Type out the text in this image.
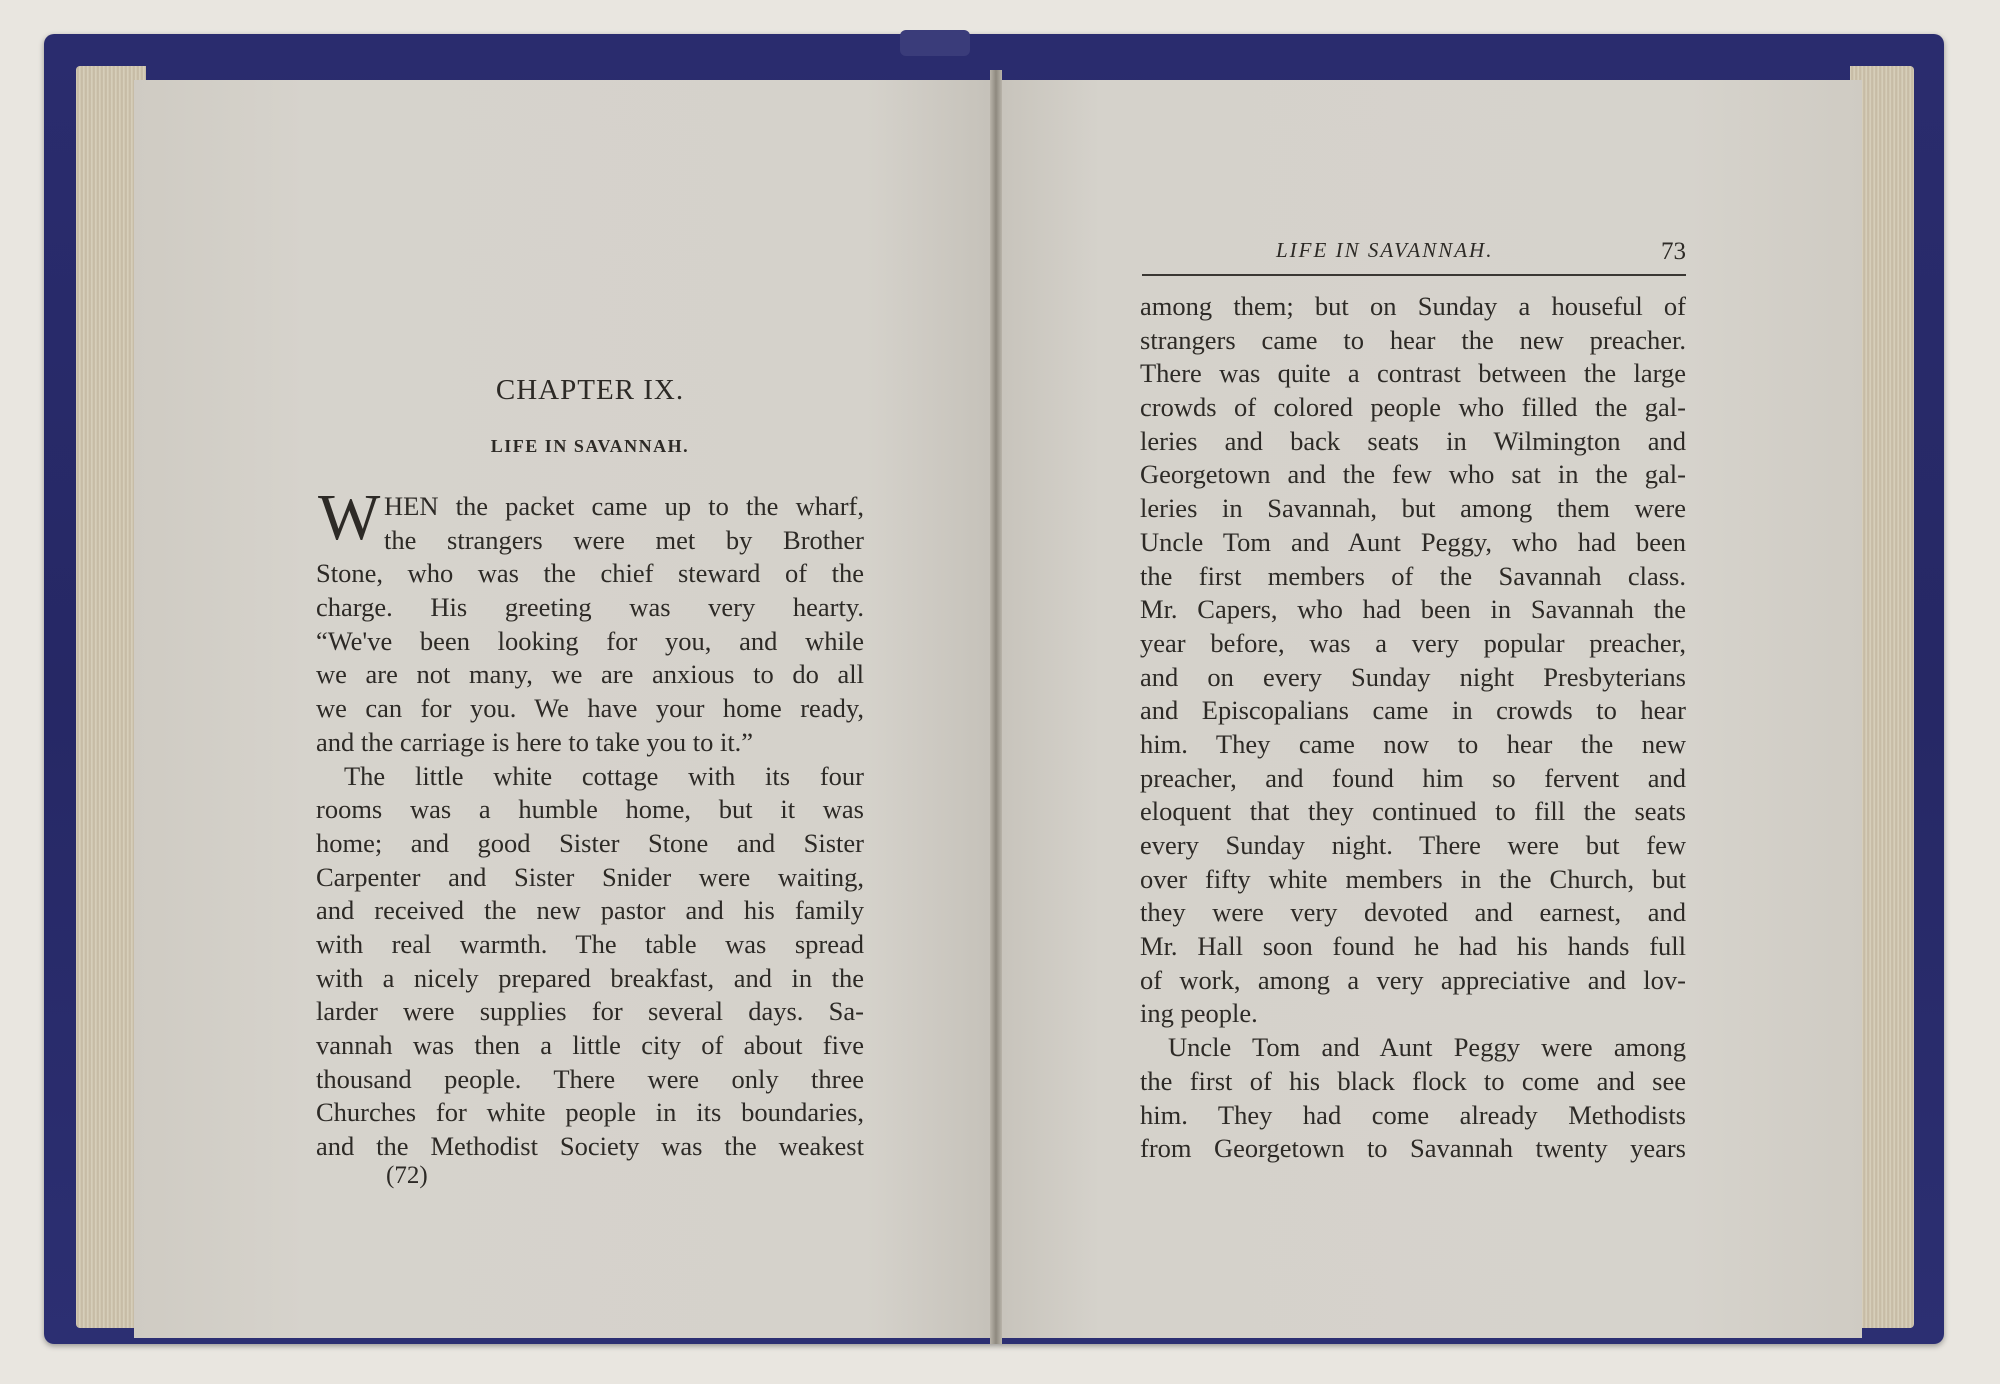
CHAPTER IX.
LIFE IN SAVANNAH.
W HEN the packet came up to the wharf,
the strangers were met by Brother
Stone, who was the chief steward of the
charge. His greeting was very hearty.
“We've been looking for you, and while
we are not many, we are anxious to do all
we can for you. We have your home ready,
and the carriage is here to take you to it.”
The little white cottage with its four
rooms was a humble home, but it was
home; and good Sister Stone and Sister
Carpenter and Sister Snider were waiting,
and received the new pastor and his family
with real warmth. The table was spread
with a nicely prepared breakfast, and in the
larder were supplies for several days. Sa-
vannah was then a little city of about five
thousand people. There were only three
Churches for white people in its boundaries,
and the Methodist Society was the weakest
(72)
LIFE IN SAVANNAH.	73
among them; but on Sunday a houseful of
strangers came to hear the new preacher.
There was quite a contrast between the large
crowds of colored people who filled the gal-
leries and back seats in Wilmington and
Georgetown and the few who sat in the gal-
leries in Savannah, but among them were
Uncle Tom and Aunt Peggy, who had been
the first members of the Savannah class.
Mr. Capers, who had been in Savannah the
year before, was a very popular preacher,
and on every Sunday night Presbyterians
and Episcopalians came in crowds to hear
him. They came now to hear the new
preacher, and found him so fervent and
eloquent that they continued to fill the seats
every Sunday night. There were but few
over fifty white members in the Church, but
they were very devoted and earnest, and
Mr. Hall soon found he had his hands full
of work, among a very appreciative and lov-
ing people.
Uncle Tom and Aunt Peggy were among
the first of his black flock to come and see
him. They had come already Methodists
from Georgetown to Savannah twenty years
